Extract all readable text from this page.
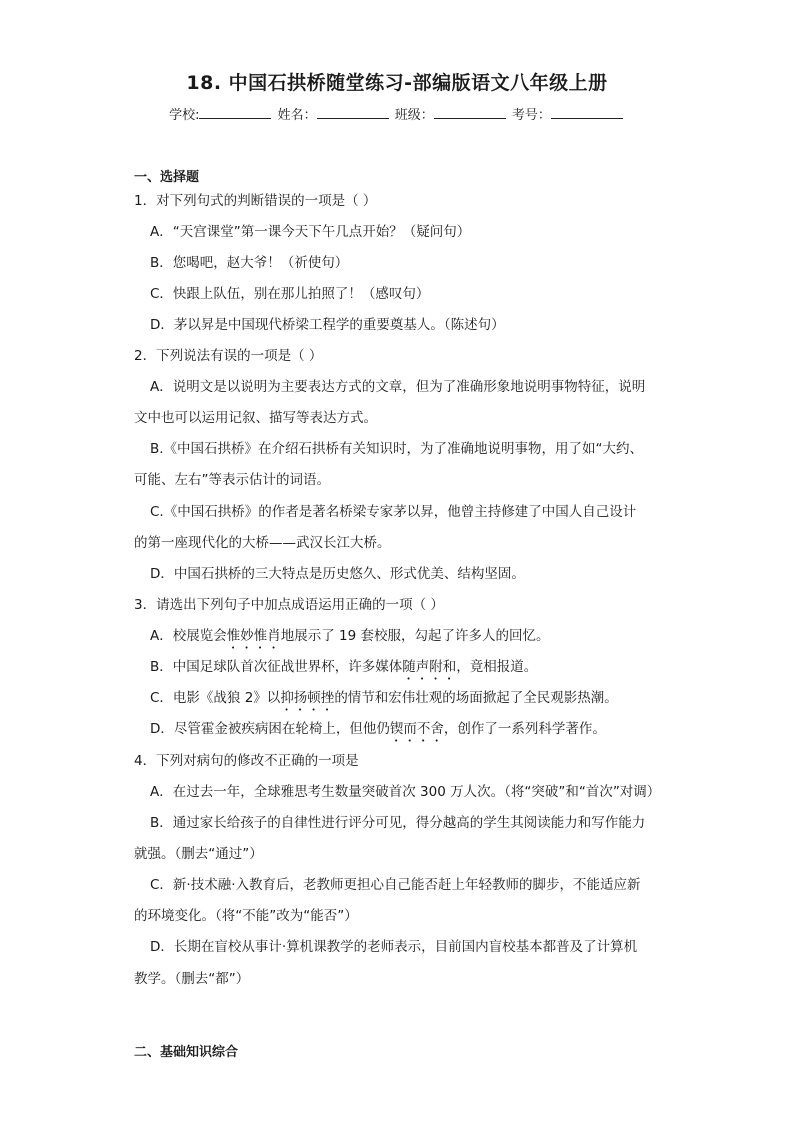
18. 中国石拱桥随堂练习-部编版语文八年级上册
学校:	姓名：	班级：	考号：
一、选择题
1．对下列句式的判断错误的一项是（ ）
A．“天宫课堂”第一课今天下午几点开始？（疑问句）
B．您喝吧，赵大爷！（祈使句）
C．快跟上队伍，别在那儿拍照了！（感叹句）
D．茅以昇是中国现代桥梁工程学的重要奠基人。（陈述句）
2．下列说法有误的一项是（ ）
A．说明文是以说明为主要表达方式的文章，但为了准确形象地说明事物特征，说明
文中也可以运用记叙、描写等表达方式。
B.《中国石拱桥》在介绍石拱桥有关知识时，为了准确地说明事物，用了如“大约、
可能、左右”等表示估计的词语。
C.《中国石拱桥》的作者是著名桥梁专家茅以昇，他曾主持修建了中国人自己设计
的第一座现代化的大桥——武汉长江大桥。
D．中国石拱桥的三大特点是历史悠久、形式优美、结构坚固。
3．请选出下列句子中加点成语运用正确的一项（ ）
A．校展览会惟妙惟肖地展示了 19 套校服，勾起了许多人的回忆。
B．中国足球队首次征战世界杯，许多媒体随声附和，竟相报道。
C．电影《战狼 2》以抑扬顿挫的情节和宏伟壮观的场面掀起了全民观影热潮。
D．尽管霍金被疾病困在轮椅上，但他仍锲而不舍，创作了一系列科学著作。
4．下列对病句的修改不正确的一项是
A．在过去一年，全球雅思考生数量突破首次 300 万人次。（将“突破”和“首次”对调）
B．通过家长给孩子的自律性进行评分可见，得分越高的学生其阅读能力和写作能力
就强。（删去“通过”）
C．新·技术融·入教育后，老教师更担心自己能否赶上年轻教师的脚步，不能适应新
的环境变化。（将“不能”改为“能否”）
D．长期在盲校从事计·算机课教学的老师表示，目前国内盲校基本都普及了计算机
教学。（删去“都”）
二、基础知识综合
